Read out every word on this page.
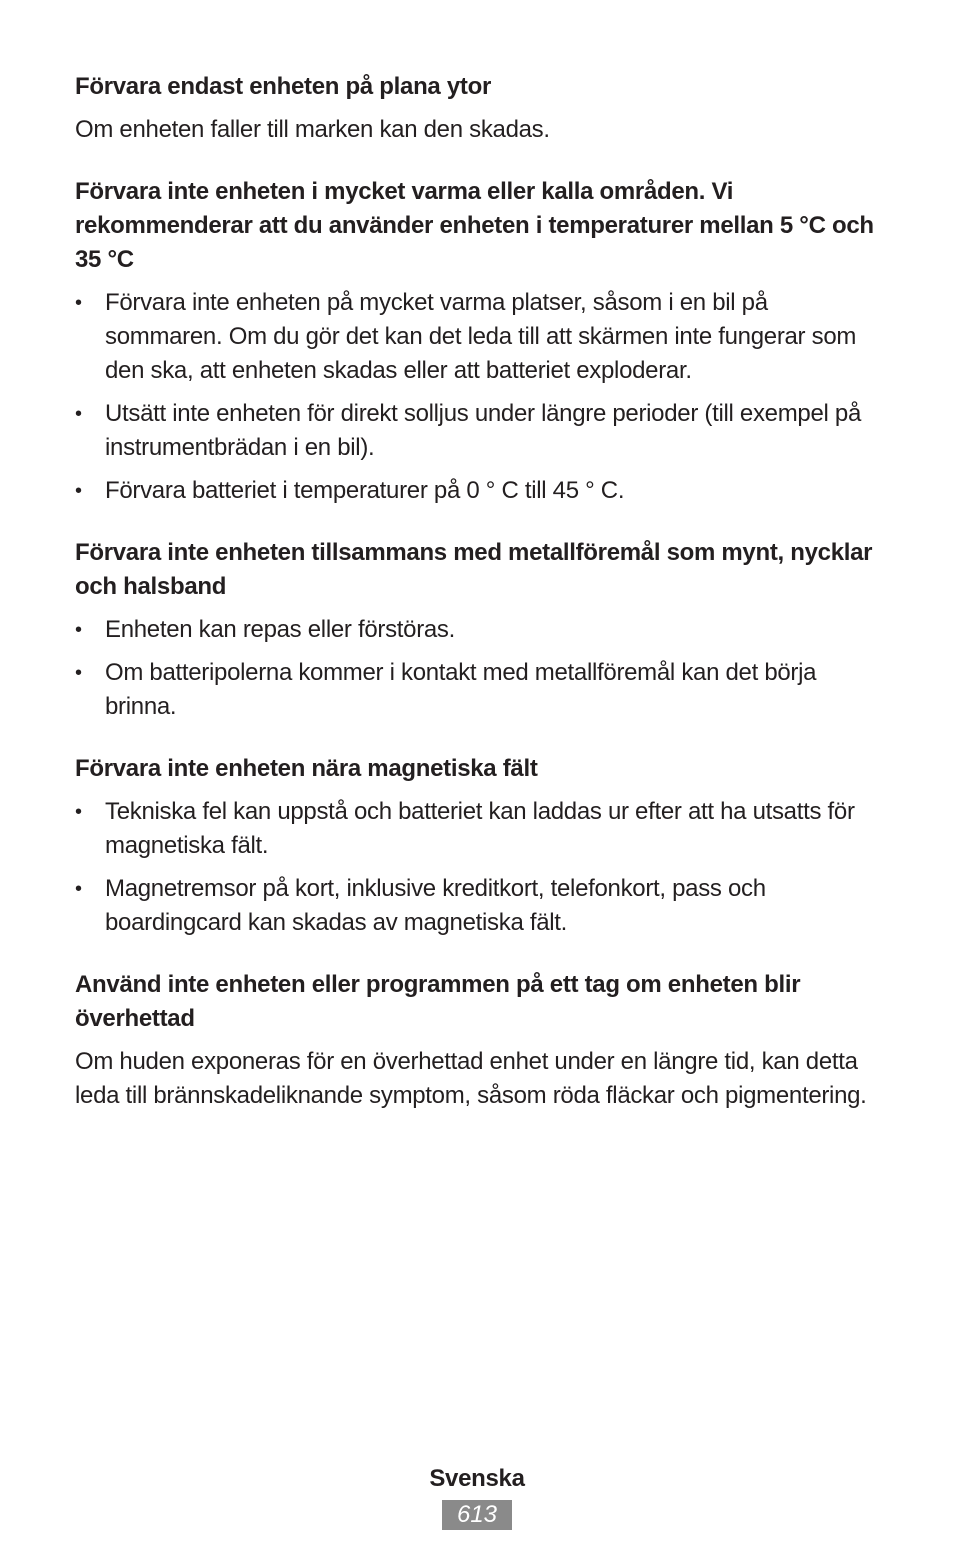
Förvara endast enheten på plana ytor

Om enheten faller till marken kan den skadas.

Förvara inte enheten i mycket varma eller kalla områden. Vi rekommenderar att du använder enheten i temperaturer mellan 5 °C och 35 °C

• Förvara inte enheten på mycket varma platser, såsom i en bil på sommaren. Om du gör det kan det leda till att skärmen inte fungerar som den ska, att enheten skadas eller att batteriet exploderar.
• Utsätt inte enheten för direkt solljus under längre perioder (till exempel på instrumentbrädan i en bil).
• Förvara batteriet i temperaturer på 0 ° C till 45 ° C.

Förvara inte enheten tillsammans med metallföremål som mynt, nycklar och halsband

• Enheten kan repas eller förstöras.
• Om batteripolerna kommer i kontakt med metallföremål kan det börja brinna.

Förvara inte enheten nära magnetiska fält

• Tekniska fel kan uppstå och batteriet kan laddas ur efter att ha utsatts för magnetiska fält.
• Magnetremsor på kort, inklusive kreditkort, telefonkort, pass och boardingcard kan skadas av magnetiska fält.

Använd inte enheten eller programmen på ett tag om enheten blir överhettad

Om huden exponeras för en överhettad enhet under en längre tid, kan detta leda till brännskadeliknande symptom, såsom röda fläckar och pigmentering.

Svenska
613
